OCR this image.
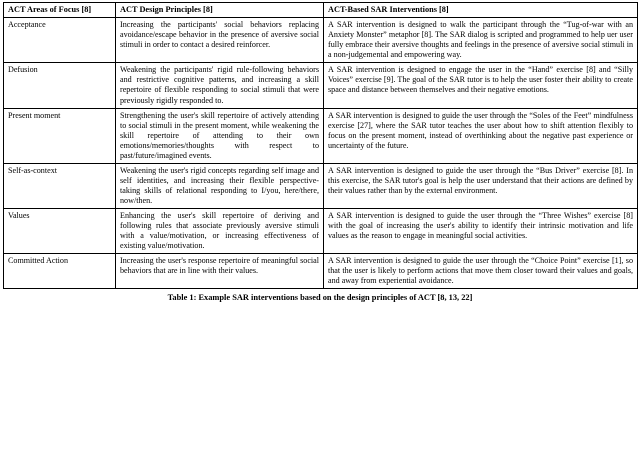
ACT Areas of Focus [8]	ACT Design Principles [8]	ACT-Based SAR Interventions [8]
Acceptance	Increasing the participants' social behaviors replacing avoidance/escape behavior in the presence of aversive social stimuli in order to contact a desired reinforcer.	A SAR intervention is designed to walk the participant through the “Tug-of-war with an Anxiety Monster” metaphor [8]. The SAR dialog is scripted and programmed to help uer user fully embrace their aversive thoughts and feelings in the presence of aversive social stimuli in a non-judgemental and empowering way.
Defusion	Weakening the participants' rigid rule-following behaviors and restrictive cognitive patterns, and increasing a skill repertoire of flexible responding to social stimuli that were previously rigidly responded to.	A SAR intervention is designed to engage the user in the “Hand” exercise [8] and “Silly Voices” exercise [9]. The goal of the SAR tutor is to help the user foster their ability to create space and distance between themselves and their negative emotions.
Present moment	Strengthening the user's skill repertoire of actively attending to social stimuli in the present moment, while weakening the skill repertoire of attending to their own emotions/memories/thoughts with respect to past/future/imagined events.	A SAR intervention is designed to guide the user through the “Soles of the Feet” mindfulness exercise [27], where the SAR tutor teaches the user about how to shift attention flexibly to focus on the present moment, instead of overthinking about the negative past experience or uncertainty of the future.
Self-as-context	Weakening the user's rigid concepts regarding self image and self identities, and increasing their flexible perspective-taking skills of relational responding to I/you, here/there, now/then.	A SAR intervention is designed to guide the user through the “Bus Driver” exercise [8]. In this exercise, the SAR tutor's goal is help the user understand that their actions are defined by their values rather than by the external environment.
Values	Enhancing the user's skill repertoire of deriving and following rules that associate previously aversive stimuli with a value/motivation, or increasing effectiveness of existing value/motivation.	A SAR intervention is designed to guide the user through the “Three Wishes” exercise [8] with the goal of increasing the user's ability to identify their intrinsic motivation and life values as the reason to engage in meaningful social activities.
Committed Action	Increasing the user's response repertoire of meaningful social behaviors that are in line with their values.	A SAR intervention is designed to guide the user through the “Choice Point” exercise [1], so that the user is likely to perform actions that move them closer toward their values and goals, and away from experiential avoidance.
Table 1: Example SAR interventions based on the design principles of ACT [8, 13, 22]
